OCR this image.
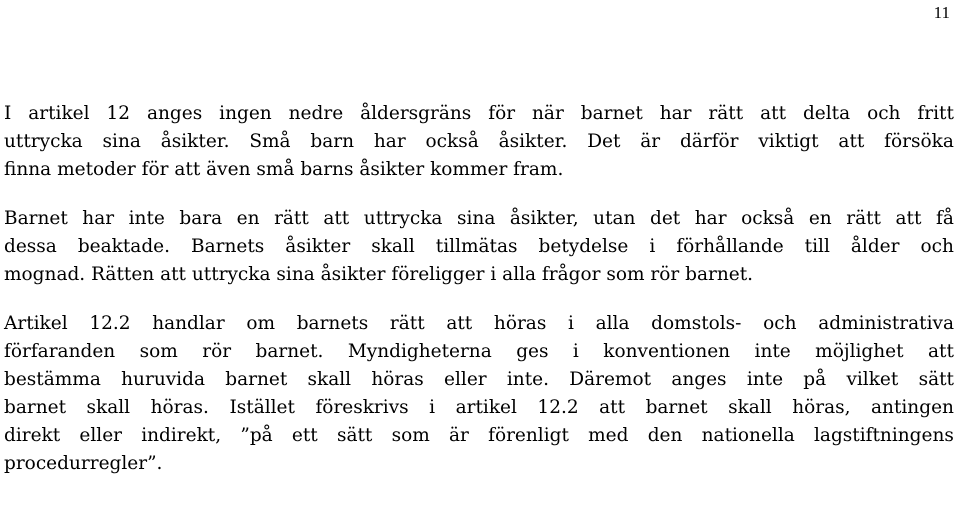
11

I artikel 12 anges ingen nedre åldersgräns för när barnet har rätt att delta och fritt
uttrycka sina åsikter. Små barn har också åsikter. Det är därför viktigt att försöka
finna metoder för att även små barns åsikter kommer fram.

Barnet har inte bara en rätt att uttrycka sina åsikter, utan det har också en rätt att få
dessa beaktade. Barnets åsikter skall tillmätas betydelse i förhållande till ålder och
mognad. Rätten att uttrycka sina åsikter föreligger i alla frågor som rör barnet.

Artikel 12.2 handlar om barnets rätt att höras i alla domstols- och administrativa
förfaranden som rör barnet. Myndigheterna ges i konventionen inte möjlighet att
bestämma huruvida barnet skall höras eller inte. Däremot anges inte på vilket sätt
barnet skall höras. Istället föreskrivs i artikel 12.2 att barnet skall höras, antingen
direkt eller indirekt, ”på ett sätt som är förenligt med den nationella lagstiftningens
procedurregler”.
